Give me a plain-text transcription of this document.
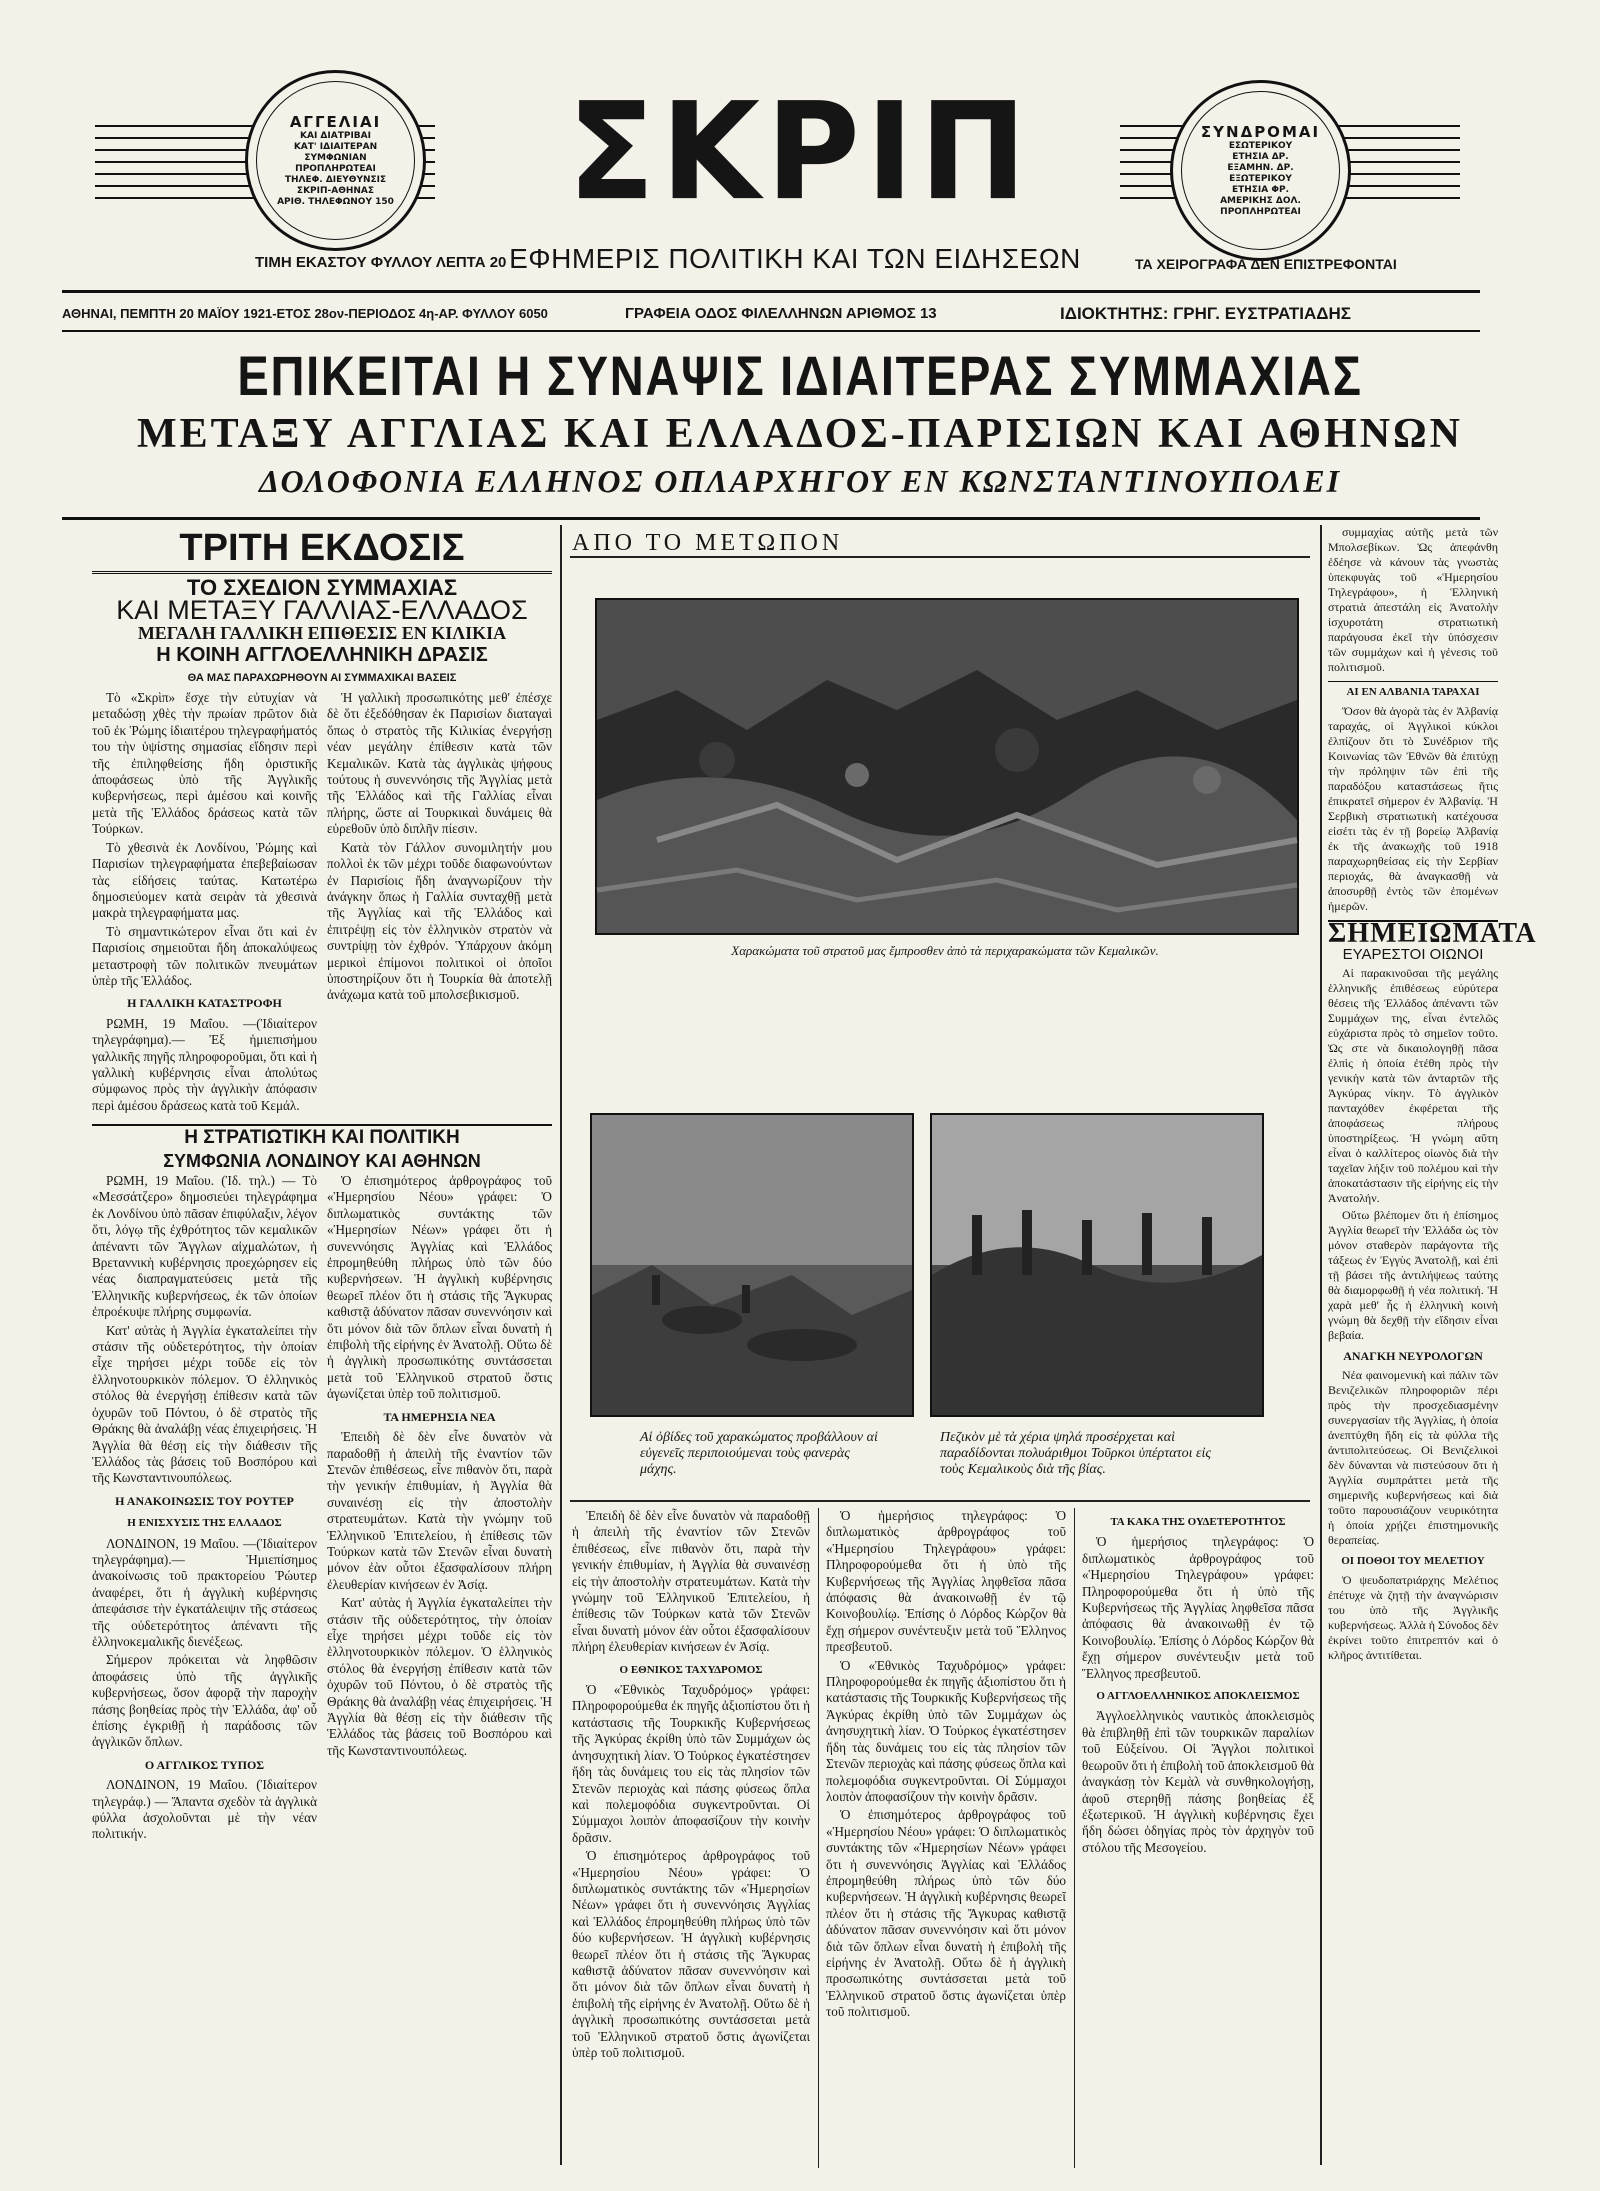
ΑΓΓΕΛΙΑΙ
ΚΑΙ ΔΙΑΤΡΙΒΑΙ
ΚΑΤ' ΙΔΙΑΙΤΕΡΑΝ
ΣΥΜΦΩΝΙΑΝ
ΠΡΟΠΛΗΡΩΤΕΑΙ
ΤΗΛΕΦ. ΔΙΕΥΘΥΝΣΙΣ
ΣΚΡΙΠ-ΑΘΗΝΑΣ
ΑΡΙΘ. ΤΗΛΕΦΩΝΟΥ 150
ΣΥΝΔΡΟΜΑΙ
ΕΣΩΤΕΡΙΚΟΥ
ΕΤΗΣΙΑ ΔΡ.
ΕΞΑΜΗΝ. ΔΡ.
ΕΞΩΤΕΡΙΚΟΥ
ΕΤΗΣΙΑ ΦΡ.
ΑΜΕΡΙΚΗΣ ΔΟΛ.
ΠΡΟΠΛΗΡΩΤΕΑΙ
ΣΚΡΙΠ
ΕΦΗΜΕΡΙΣ ΠΟΛΙΤΙΚΗ ΚΑΙ ΤΩΝ ΕΙΔΗΣΕΩΝ
ΤΙΜΗ ΕΚΑΣΤΟΥ ΦΥΛΛΟΥ ΛΕΠΤΑ 20	ΤΑ ΧΕΙΡΟΓΡΑΦΑ ΔΕΝ ΕΠΙΣΤΡΕΦΟΝΤΑΙ
ΑΘΗΝΑΙ, ΠΕΜΠΤΗ 20 ΜΑΪΟΥ 1921-ΕΤΟΣ 28ον-ΠΕΡΙΟΔΟΣ 4η-ΑΡ. ΦΥΛΛΟΥ 6050	ΓΡΑΦΕΙΑ ΟΔΟΣ ΦΙΛΕΛΛΗΝΩΝ ΑΡΙΘΜΟΣ 13	ΙΔΙΟΚΤΗΤΗΣ: ΓΡΗΓ. ΕΥΣΤΡΑΤΙΑΔΗΣ
ΕΠΙΚΕΙΤΑΙ Η ΣΥΝΑΨΙΣ ΙΔΙΑΙΤΕΡΑΣ ΣΥΜΜΑΧΙΑΣ
ΜΕΤΑΞΥ ΑΓΓΛΙΑΣ ΚΑΙ ΕΛΛΑΔΟΣ-ΠΑΡΙΣΙΩΝ ΚΑΙ ΑΘΗΝΩΝ
ΔΟΛΟΦΟΝΙΑ ΕΛΛΗΝΟΣ ΟΠΛΑΡΧΗΓΟΥ ΕΝ ΚΩΝΣΤΑΝΤΙΝΟΥΠΟΛΕΙ
ΤΡΙΤΗ ΕΚΔΟΣΙΣ
ΤΟ ΣΧΕΔΙΟΝ ΣΥΜΜΑΧΙΑΣ
ΚΑΙ ΜΕΤΑΞΥ ΓΑΛΛΙΑΣ-ΕΛΛΑΔΟΣ
ΜΕΓΑΛΗ ΓΑΛΛΙΚΗ ΕΠΙΘΕΣΙΣ ΕΝ ΚΙΛΙΚΙΑ
Η ΚΟΙΝΗ ΑΓΓΛΟΕΛΛΗΝΙΚΗ ΔΡΑΣΙΣ
ΘΑ ΜΑΣ ΠΑΡΑΧΩΡΗΘΟΥΝ ΑΙ ΣΥΜΜΑΧΙΚΑΙ ΒΑΣΕΙΣ

Τὸ «Σκρὶπ» ἔσχε τὴν εὐτυχίαν νὰ μεταδώσῃ χθὲς τὴν πρωίαν πρῶτον διὰ τοῦ ἐκ Ῥώμης ἰδιαιτέρου τηλεγραφήματός του τὴν ὑψίστης σημασίας εἴδησιν περὶ τῆς ἐπιληφθείσης ἤδη ὁριστικῆς ἀποφάσεως ὑπὸ τῆς Ἀγγλικῆς κυβερνήσεως, περὶ ἀμέσου καὶ κοινῆς μετὰ τῆς Ἑλλάδος δράσεως κατὰ τῶν Τούρκων.

Τὸ χθεσινὰ ἐκ Λονδίνου, Ῥώμης καὶ Παρισίων τηλεγραφήματα ἐπεβεβαίωσαν τὰς εἰδήσεις ταύτας. Κατωτέρω δημοσιεύομεν κατὰ σειρὰν τὰ χθεσινὰ μακρὰ τηλεγραφήματα μας.

Τὸ σημαντικώτερον εἶναι ὅτι καὶ ἐν Παρισίοις σημειοῦται ἤδη ἀποκαλύψεως μεταστροφὴ τῶν πολιτικῶν πνευμάτων ὑπὲρ τῆς Ἑλλάδος.

Η ΓΑΛΛΙΚΗ ΚΑΤΑΣΤΡΟΦΗ

ΡΩΜΗ, 19 Μαΐου. —(Ἰδιαίτερον τηλεγράφημα).— Ἐξ ἡμιεπισήμου γαλλικῆς πηγῆς πληροφοροῦμαι, ὅτι καὶ ἡ γαλλικὴ κυβέρνησις εἶναι ἀπολύτως σύμφωνος πρὸς τὴν ἀγγλικὴν ἀπόφασιν περὶ ἀμέσου δράσεως κατὰ τοῦ Κεμάλ.

Ἡ γαλλικὴ προσωπικότης μεθ' ἐπέσχε δὲ ὅτι ἐξεδόθησαν ἐκ Παρισίων διαταγαὶ ὅπως ὁ στρατὸς τῆς Κιλικίας ἐνεργήσῃ νέαν μεγάλην ἐπίθεσιν κατὰ τῶν Κεμαλικῶν. Κατὰ τὰς ἀγγλικὰς ψήφους τούτους ἡ συνεννόησις τῆς Ἀγγλίας μετὰ τῆς Ἑλλάδος καὶ τῆς Γαλλίας εἶναι πλήρης, ὥστε αἱ Τουρκικαὶ δυνάμεις θὰ εὑρεθοῦν ὑπὸ διπλῆν πίεσιν.

Κατὰ τὸν Γάλλον συνομιλητήν μου πολλοὶ ἐκ τῶν μέχρι τοῦδε διαφωνούντων ἐν Παρισίοις ἤδη ἀναγνωρίζουν τὴν ἀνάγκην ὅπως ἡ Γαλλία συνταχθῇ μετὰ τῆς Ἀγγλίας καὶ τῆς Ἑλλάδος καὶ ἐπιτρέψῃ εἰς τὸν ἑλληνικὸν στρατὸν νὰ συντρίψῃ τὸν ἐχθρόν. Ὑπάρχουν ἀκόμη μερικοὶ ἐπίμονοι πολιτικοὶ οἱ ὁποῖοι ὑποστηρίζουν ὅτι ἡ Τουρκία θὰ ἀποτελῇ ἀνάχωμα κατὰ τοῦ μπολσεβικισμοῦ.

Η ΣΤΡΑΤΙΩΤΙΚΗ ΚΑΙ ΠΟΛΙΤΙΚΗ
ΣΥΜΦΩΝΙΑ ΛΟΝΔΙΝΟΥ ΚΑΙ ΑΘΗΝΩΝ

ΡΩΜΗ, 19 Μαΐου. (Ἰδ. τηλ.) — Τὸ «Μεσσάτζερο» δημοσιεύει τηλεγράφημα ἐκ Λονδίνου ὑπὸ πᾶσαν ἐπιφύλαξιν, λέγον ὅτι, λόγῳ τῆς ἐχθρότητος τῶν κεμαλικῶν ἀπέναντι τῶν Ἄγγλων αἰχμαλώτων, ἡ Βρεταννικὴ κυβέρνησις προεχώρησεν εἰς νέας διαπραγματεύσεις μετὰ τῆς Ἑλληνικῆς κυβερνήσεως, ἐκ τῶν ὁποίων ἐπροέκυψε πλήρης συμφωνία.

Κατ' αὐτὰς ἡ Ἀγγλία ἐγκαταλείπει τὴν στάσιν τῆς οὐδετερότητος, τὴν ὁποίαν εἶχε τηρήσει μέχρι τοῦδε εἰς τὸν ἑλληνοτουρκικὸν πόλεμον. Ὁ ἑλληνικὸς στόλος θὰ ἐνεργήσῃ ἐπίθεσιν κατὰ τῶν ὀχυρῶν τοῦ Πόντου, ὁ δὲ στρατὸς τῆς Θράκης θὰ ἀναλάβῃ νέας ἐπιχειρήσεις. Ἡ Ἀγγλία θὰ θέσῃ εἰς τὴν διάθεσιν τῆς Ἑλλάδος τὰς βάσεις τοῦ Βοσπόρου καὶ τῆς Κωνσταντινουπόλεως.

Η ΑΝΑΚΟΙΝΩΣΙΣ ΤΟΥ ΡΟΥΤΕΡ
Η ΕΝΙΣΧΥΣΙΣ ΤΗΣ ΕΛΛΑΔΟΣ

ΛΟΝΔΙΝΟΝ, 19 Μαΐου. —(Ἰδιαίτερον τηλεγράφημα).— Ἡμιεπίσημος ἀνακοίνωσις τοῦ πρακτορείου Ῥώυτερ ἀναφέρει, ὅτι ἡ ἀγγλικὴ κυβέρνησις ἀπεφάσισε τὴν ἐγκατάλειψιν τῆς στάσεως τῆς οὐδετερότητος ἀπέναντι τῆς ἑλληνοκεμαλικῆς διενέξεως.

Σήμερον πρόκειται νὰ ληφθῶσιν ἀποφάσεις ὑπὸ τῆς ἀγγλικῆς κυβερνήσεως, ὅσον ἀφορᾷ τὴν παροχὴν πάσης βοηθείας πρὸς τὴν Ἑλλάδα, ἀφ' οὗ ἐπίσης ἐγκριθῇ ἡ παράδοσις τῶν ἀγγλικῶν ὅπλων.

Ο ΑΓΓΛΙΚΟΣ ΤΥΠΟΣ

ΛΟΝΔΙΝΟΝ, 19 Μαΐου. (Ἰδιαίτερον τηλεγράφ.) — Ἅπαντα σχεδὸν τὰ ἀγγλικὰ φύλλα ἀσχολοῦνται μὲ τὴν νέαν πολιτικήν.

Ὁ ἐπισημότερος ἀρθρογράφος τοῦ «Ἡμερησίου Νέου» γράφει: Ὁ διπλωματικὸς συντάκτης τῶν «Ἡμερησίων Νέων» γράφει ὅτι ἡ συνεννόησις Ἀγγλίας καὶ Ἑλλάδος ἐπρομηθεύθη πλήρως ὑπὸ τῶν δύο κυβερνήσεων. Ἡ ἀγγλικὴ κυβέρνησις θεωρεῖ πλέον ὅτι ἡ στάσις τῆς Ἄγκυρας καθιστᾷ ἀδύνατον πᾶσαν συνεννόησιν καὶ ὅτι μόνον διὰ τῶν ὅπλων εἶναι δυνατὴ ἡ ἐπιβολὴ τῆς εἰρήνης ἐν Ἀνατολῇ. Οὕτω δὲ ἡ ἀγγλικὴ προσωπικότης συντάσσεται μετὰ τοῦ Ἑλληνικοῦ στρατοῦ ὅστις ἀγωνίζεται ὑπὲρ τοῦ πολιτισμοῦ.

ΤΑ ΗΜΕΡΗΣΙΑ ΝΕΑ

Ἐπειδὴ δὲ δὲν εἶνε δυνατὸν νὰ παραδοθῇ ἡ ἀπειλὴ τῆς ἐναντίον τῶν Στενῶν ἐπιθέσεως, εἶνε πιθανὸν ὅτι, παρὰ τὴν γενικήν ἐπιθυμίαν, ἡ Ἀγγλία θὰ συναινέσῃ εἰς τὴν ἀποστολὴν στρατευμάτων. Κατὰ τὴν γνώμην τοῦ Ἑλληνικοῦ Ἐπιτελείου, ἡ ἐπίθεσις τῶν Τούρκων κατὰ τῶν Στενῶν εἶναι δυνατὴ μόνον ἐὰν οὗτοι ἐξασφαλίσουν πλήρη ἐλευθερίαν κινήσεων ἐν Ἀσίᾳ.

Κατ' αὐτὰς ἡ Ἀγγλία ἐγκαταλείπει τὴν στάσιν τῆς οὐδετερότητος, τὴν ὁποίαν εἶχε τηρήσει μέχρι τοῦδε εἰς τὸν ἑλληνοτουρκικὸν πόλεμον. Ὁ ἑλληνικὸς στόλος θὰ ἐνεργήσῃ ἐπίθεσιν κατὰ τῶν ὀχυρῶν τοῦ Πόντου, ὁ δὲ στρατὸς τῆς Θράκης θὰ ἀναλάβῃ νέας ἐπιχειρήσεις. Ἡ Ἀγγλία θὰ θέσῃ εἰς τὴν διάθεσιν τῆς Ἑλλάδος τὰς βάσεις τοῦ Βοσπόρου καὶ τῆς Κωνσταντινουπόλεως.

ΑΠΟ ΤΟ ΜΕΤΩΠΟΝ
Χαρακώματα τοῦ στρατοῦ μας ἔμπροσθεν ἀπὸ τὰ περιχαρακώματα τῶν Κεμαλικῶν.
Αἱ ὀβίδες τοῦ χαρακώματος προβάλλουν αἱ εὐγενεῖς περιποιούμεναι τοὺς φανερὰς μάχης.
Πεζικὸν μὲ τὰ χέρια ψηλά προσέρχεται καὶ παραδίδονται πολυάριθμοι Τοῦρκοι ὑπέρτατοι εἰς τοὺς Κεμαλικοὺς διὰ τῆς βίας.

Ἐπειδὴ δὲ δὲν εἶνε δυνατὸν νὰ παραδοθῇ ἡ ἀπειλὴ τῆς ἐναντίον τῶν Στενῶν ἐπιθέσεως, εἶνε πιθανὸν ὅτι, παρὰ τὴν γενικήν ἐπιθυμίαν, ἡ Ἀγγλία θὰ συναινέσῃ εἰς τὴν ἀποστολὴν στρατευμάτων. Κατὰ τὴν γνώμην τοῦ Ἑλληνικοῦ Ἐπιτελείου, ἡ ἐπίθεσις τῶν Τούρκων κατὰ τῶν Στενῶν εἶναι δυνατὴ μόνον ἐὰν οὗτοι ἐξασφαλίσουν πλήρη ἐλευθερίαν κινήσεων ἐν Ἀσίᾳ.

Ο ΕΘΝΙΚΟΣ ΤΑΧΥΔΡΟΜΟΣ

Ὁ «Ἐθνικὸς Ταχυδρόμος» γράφει: Πληροφορούμεθα ἐκ πηγῆς ἀξιοπίστου ὅτι ἡ κατάστασις τῆς Τουρκικῆς Κυβερνήσεως τῆς Ἀγκύρας ἐκρίθη ὑπὸ τῶν Συμμάχων ὡς ἀνησυχητικὴ λίαν. Ὁ Τούρκος ἐγκατέστησεν ἤδη τὰς δυνάμεις του εἰς τὰς πλησίον τῶν Στενῶν περιοχὰς καὶ πάσης φύσεως ὅπλα καὶ πολεμοφόδια συγκεντροῦνται. Οἱ Σύμμαχοι λοιπὸν ἀποφασίζουν τὴν κοινὴν δρᾶσιν.

Ὁ ἐπισημότερος ἀρθρογράφος τοῦ «Ἡμερησίου Νέου» γράφει: Ὁ διπλωματικὸς συντάκτης τῶν «Ἡμερησίων Νέων» γράφει ὅτι ἡ συνεννόησις Ἀγγλίας καὶ Ἑλλάδος ἐπρομηθεύθη πλήρως ὑπὸ τῶν δύο κυβερνήσεων. Ἡ ἀγγλικὴ κυβέρνησις θεωρεῖ πλέον ὅτι ἡ στάσις τῆς Ἄγκυρας καθιστᾷ ἀδύνατον πᾶσαν συνεννόησιν καὶ ὅτι μόνον διὰ τῶν ὅπλων εἶναι δυνατὴ ἡ ἐπιβολὴ τῆς εἰρήνης ἐν Ἀνατολῇ. Οὕτω δὲ ἡ ἀγγλικὴ προσωπικότης συντάσσεται μετὰ τοῦ Ἑλληνικοῦ στρατοῦ ὅστις ἀγωνίζεται ὑπὲρ τοῦ πολιτισμοῦ.

Ὁ ἡμερήσιος τηλεγράφος: Ὁ διπλωματικὸς ἀρθρογράφος τοῦ «Ἡμερησίου Τηλεγράφου» γράφει: Πληροφορούμεθα ὅτι ἡ ὑπὸ τῆς Κυβερνήσεως τῆς Ἀγγλίας ληφθεῖσα πᾶσα ἀπόφασις θὰ ἀνακοινωθῇ ἐν τῷ Κοινοβουλίῳ. Ἐπίσης ὁ Λόρδος Κώρζον θὰ ἔχῃ σήμερον συνέντευξιν μετὰ τοῦ Ἕλληνος πρεσβευτοῦ.

Ὁ «Ἐθνικὸς Ταχυδρόμος» γράφει: Πληροφορούμεθα ἐκ πηγῆς ἀξιοπίστου ὅτι ἡ κατάστασις τῆς Τουρκικῆς Κυβερνήσεως τῆς Ἀγκύρας ἐκρίθη ὑπὸ τῶν Συμμάχων ὡς ἀνησυχητικὴ λίαν. Ὁ Τούρκος ἐγκατέστησεν ἤδη τὰς δυνάμεις του εἰς τὰς πλησίον τῶν Στενῶν περιοχὰς καὶ πάσης φύσεως ὅπλα καὶ πολεμοφόδια συγκεντροῦνται. Οἱ Σύμμαχοι λοιπὸν ἀποφασίζουν τὴν κοινὴν δρᾶσιν.

Ὁ ἐπισημότερος ἀρθρογράφος τοῦ «Ἡμερησίου Νέου» γράφει: Ὁ διπλωματικὸς συντάκτης τῶν «Ἡμερησίων Νέων» γράφει ὅτι ἡ συνεννόησις Ἀγγλίας καὶ Ἑλλάδος ἐπρομηθεύθη πλήρως ὑπὸ τῶν δύο κυβερνήσεων. Ἡ ἀγγλικὴ κυβέρνησις θεωρεῖ πλέον ὅτι ἡ στάσις τῆς Ἄγκυρας καθιστᾷ ἀδύνατον πᾶσαν συνεννόησιν καὶ ὅτι μόνον διὰ τῶν ὅπλων εἶναι δυνατὴ ἡ ἐπιβολὴ τῆς εἰρήνης ἐν Ἀνατολῇ. Οὕτω δὲ ἡ ἀγγλικὴ προσωπικότης συντάσσεται μετὰ τοῦ Ἑλληνικοῦ στρατοῦ ὅστις ἀγωνίζεται ὑπὲρ τοῦ πολιτισμοῦ.

ΤΑ ΚΑΚΑ ΤΗΣ ΟΥΔΕΤΕΡΟΤΗΤΟΣ

Ὁ ἡμερήσιος τηλεγράφος: Ὁ διπλωματικὸς ἀρθρογράφος τοῦ «Ἡμερησίου Τηλεγράφου» γράφει: Πληροφορούμεθα ὅτι ἡ ὑπὸ τῆς Κυβερνήσεως τῆς Ἀγγλίας ληφθεῖσα πᾶσα ἀπόφασις θὰ ἀνακοινωθῇ ἐν τῷ Κοινοβουλίῳ. Ἐπίσης ὁ Λόρδος Κώρζον θὰ ἔχῃ σήμερον συνέντευξιν μετὰ τοῦ Ἕλληνος πρεσβευτοῦ.

Ο ΑΓΓΛΟΕΛΛΗΝΙΚΟΣ ΑΠΟΚΛΕΙΣΜΟΣ

Ἀγγλοελληνικὸς ναυτικὸς ἀποκλεισμὸς θὰ ἐπιβληθῇ ἐπὶ τῶν τουρκικῶν παραλίων τοῦ Εὐξείνου. Οἱ Ἄγγλοι πολιτικοὶ θεωροῦν ὅτι ἡ ἐπιβολὴ τοῦ ἀποκλεισμοῦ θὰ ἀναγκάσῃ τὸν Κεμὰλ νὰ συνθηκολογήσῃ, ἀφοῦ στερηθῇ πάσης βοηθείας ἐξ ἐξωτερικοῦ. Ἡ ἀγγλικὴ κυβέρνησις ἔχει ἤδη δώσει ὁδηγίας πρὸς τὸν ἀρχηγὸν τοῦ στόλου τῆς Μεσογείου.

συμμαχίας αὐτῆς μετὰ τῶν Μπολσεβίκων. Ὡς ἀπεφάνθη ἐδέησε νὰ κάνουν τὰς γνωστὰς ὑπεκφυγὰς τοῦ «Ἡμερησίου Τηλεγράφου», ἡ Ἑλληνικὴ στρατιὰ ἀπεστάλη εἰς Ἀνατολὴν ἰσχυροτάτη στρατιωτικὴ παράγουσα ἐκεῖ τὴν ὑπόσχεσιν τῶν συμμάχων καὶ ἡ γένεσις τοῦ πολιτισμοῦ.

ΑΙ ΕΝ ΑΛΒΑΝΙΑ ΤΑΡΑΧΑΙ

Ὅσον θὰ ἀγορὰ τὰς ἐν Ἀλβανίᾳ ταραχάς, οἱ Ἀγγλικοὶ κύκλοι ἐλπίζουν ὅτι τὸ Συνέδριον τῆς Κοινωνίας τῶν Ἐθνῶν θὰ ἐπιτύχῃ τὴν πρόληψιν τῶν ἐπὶ τῆς παραδόξου καταστάσεως ἥτις ἐπικρατεῖ σήμερον ἐν Ἀλβανίᾳ. Ἡ Σερβικὴ στρατιωτικὴ κατέχουσα εἰσέτι τὰς ἐν τῇ βορείῳ Ἀλβανίᾳ ἐκ τῆς ἀνακωχῆς τοῦ 1918 παραχωρηθείσας εἰς τὴν Σερβίαν περιοχάς, θὰ ἀναγκασθῇ νὰ ἀποσυρθῇ ἐντὸς τῶν ἑπομένων ἡμερῶν.

ΣΗΜΕΙΩΜΑΤΑ
ΕΥΑΡΕΣΤΟΙ ΟΙΩΝΟΙ

Αἱ παρακινοῦσαι τῆς μεγάλης ἑλληνικῆς ἐπιθέσεως εὐρύτερα θέσεις τῆς Ἑλλάδος ἀπέναντι τῶν Συμμάχων της, εἶναι ἐντελῶς εὐχάριστα πρὸς τὸ σημεῖον τοῦτο. Ὡς στε νὰ δικαιολογηθῇ πᾶσα ἐλπὶς ἡ ὁποία ἐτέθη πρὸς τὴν γενικὴν κατὰ τῶν ἀνταρτῶν τῆς Ἀγκύρας νίκην. Τὸ ἀγγλικὸν πανταχόθεν ἐκφέρεται τῆς ἀποφάσεως πλήρους ὑποστηρίξεως. Ἡ γνώμη αὕτη εἶναι ὁ καλλίτερος οἰωνὸς διὰ τὴν ταχεῖαν λήξιν τοῦ πολέμου καὶ τὴν ἀποκατάστασιν τῆς εἰρήνης εἰς τὴν Ἀνατολήν.

Οὕτω βλέπομεν ὅτι ἡ ἐπίσημος Ἀγγλία θεωρεῖ τὴν Ἑλλάδα ὡς τὸν μόνον σταθερὸν παράγοντα τῆς τάξεως ἐν Ἐγγὺς Ἀνατολῇ, καὶ ἐπὶ τῇ βάσει τῆς ἀντιλήψεως ταύτης θὰ διαμορφωθῇ ἡ νέα πολιτική. Ἡ χαρὰ μεθ' ἧς ἡ ἑλληνικὴ κοινὴ γνώμη θὰ δεχθῇ τὴν εἴδησιν εἶναι βεβαία.

ΑΝΑΓΚΗ ΝΕΥΡΟΛΟΓΩΝ

Νέα φαινομενικὴ καὶ πάλιν τῶν Βενιζελικῶν πληροφοριῶν πέρι πρὸς τὴν προσχεδιασμένην συνεργασίαν τῆς Ἀγγλίας, ἡ ὁποία ἀνεπτύχθη ἤδη εἰς τὰ φύλλα τῆς ἀντιπολιτεύσεως. Οἱ Βενιζελικοὶ δὲν δύνανται νὰ πιστεύσουν ὅτι ἡ Ἀγγλία συμπράττει μετὰ τῆς σημερινῆς κυβερνήσεως καὶ διὰ τοῦτο παρουσιάζουν νευρικότητα ἡ ὁποία χρῄζει ἐπιστημονικῆς θεραπείας.

ΟΙ ΠΟΘΟΙ ΤΟΥ ΜΕΛΕΤΙΟΥ

Ὁ ψευδοπατριάρχης Μελέτιος ἐπέτυχε νὰ ζητῇ τὴν ἀναγνώρισιν του ὑπὸ τῆς Ἀγγλικῆς κυβερνήσεως. Ἀλλὰ ἡ Σύνοδος δὲν ἐκρίνει τοῦτο ἐπιτρεπτόν καὶ ὁ κλῆρος ἀντιτίθεται.
